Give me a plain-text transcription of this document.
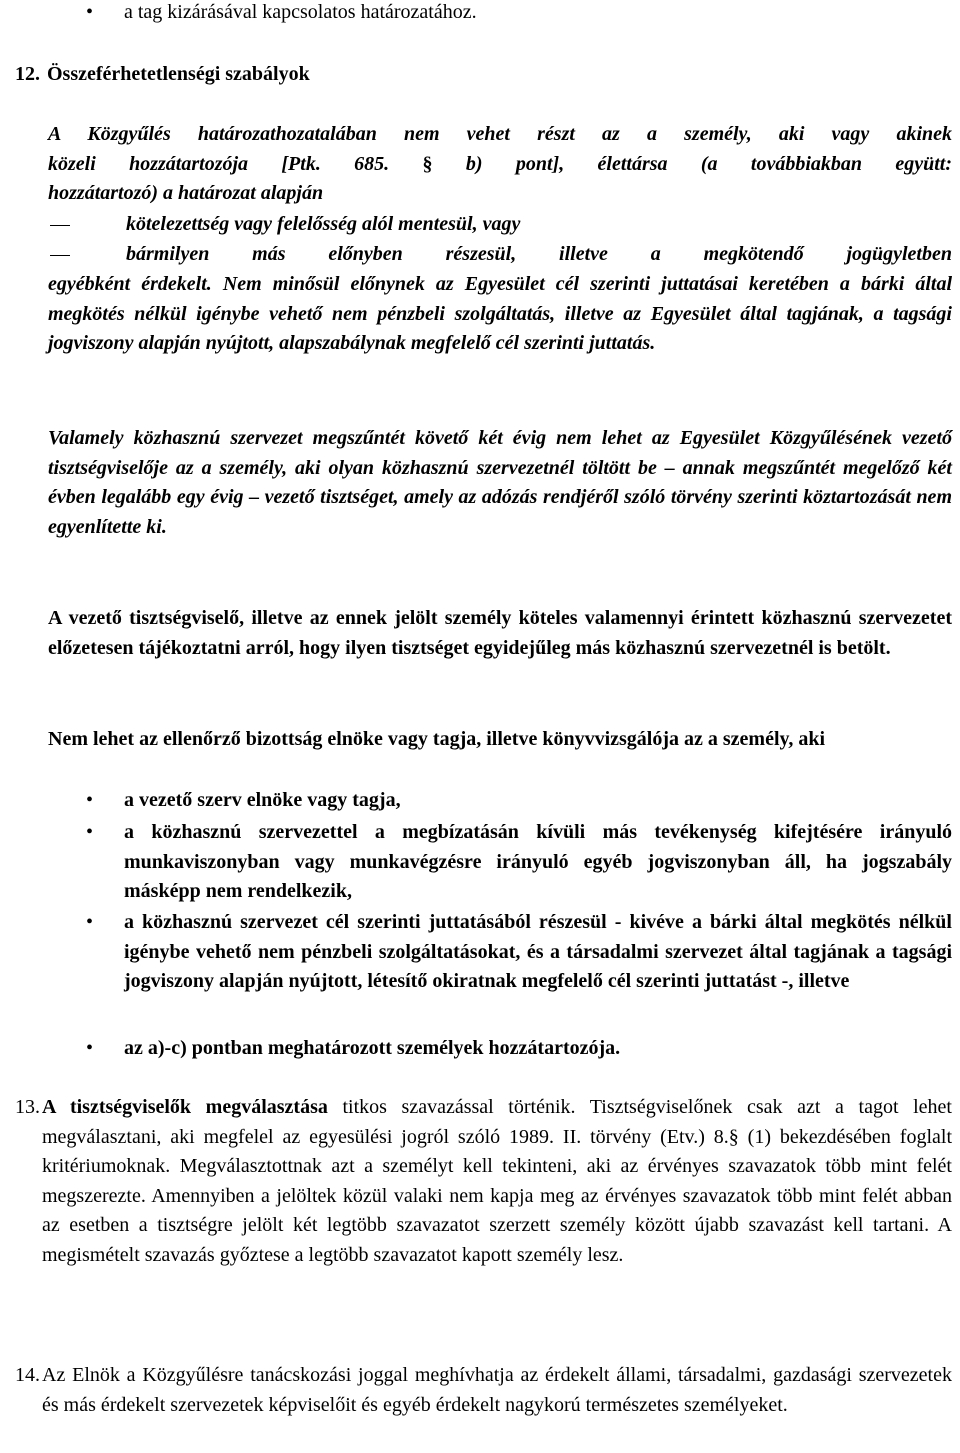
•
a tag kizárásával kapcsolatos határozatához.
12. Összeférhetetlenségi szabályok

A Közgyűlés határozathozatalában nem vehet részt az a személy, aki vagy akinek

közeli hozzátartozója [Ptk. 685. § b) pont], élettársa (a továbbiakban együtt:

hozzátartozó) a határozat alapján

kötelezettség vagy felelősség alól mentesül, vagy
bármilyen más előnyben részesül, illetve a megkötendő jogügyletben

egyébként érdekelt. Nem minősül előnynek az Egyesület cél szerinti juttatásai keretében a bárki által megkötés nélkül igénybe vehető nem pénzbeli szolgáltatás, illetve az Egyesület által tagjának, a tagsági jogviszony alapján nyújtott, alapszabálynak megfelelő cél szerinti juttatás.

Valamely közhasznú szervezet megszűntét követő két évig nem lehet az Egyesület Közgyűlésének vezető tisztségviselője az a személy, aki olyan közhasznú szervezetnél töltött be – annak megszűntét megelőző két évben legalább egy évig – vezető tisztséget, amely az adózás rendjéről szóló törvény szerinti köztartozását nem egyenlítette ki.

A vezető tisztségviselő, illetve az ennek jelölt személy köteles valamennyi érintett közhasznú szervezetet előzetesen tájékoztatni arról, hogy ilyen tisztséget egyidejűleg más közhasznú szervezetnél is betölt.

Nem lehet az ellenőrző bizottság elnöke vagy tagja, illetve könyvvizsgálója az a személy, aki

•
a vezető szerv elnöke vagy tagja,
•
a közhasznú szervezettel a megbízatásán kívüli más tevékenység kifejtésére irányuló munkaviszonyban vagy munkavégzésre irányuló egyéb jogviszonyban áll, ha jogszabály másképp nem rendelkezik,
•
a közhasznú szervezet cél szerinti juttatásából részesül - kivéve a bárki által megkötés nélkül igénybe vehető nem pénzbeli szolgáltatásokat, és a társadalmi szervezet által tagjának a tagsági jogviszony alapján nyújtott, létesítő okiratnak megfelelő cél szerinti juttatást -, illetve
•
az a)-c) pontban meghatározott személyek hozzátartozója.
13. A tisztségviselők megválasztása titkos szavazással történik. Tisztségviselőnek csak azt a tagot lehet megválasztani, aki megfelel az egyesülési jogról szóló 1989. II. törvény (Etv.) 8.§ (1) bekezdésében foglalt kritériumoknak. Megválasztottnak azt a személyt kell tekinteni, aki az érvényes szavazatok több mint felét megszerezte. Amennyiben a jelöltek közül valaki nem kapja meg az érvényes szavazatok több mint felét abban az esetben a tisztségre jelölt két legtöbb szavazatot szerzett személy között újabb szavazást kell tartani. A megismételt szavazás győztese a legtöbb szavazatot kapott személy lesz.

14. Az Elnök a Közgyűlésre tanácskozási joggal meghívhatja az érdekelt állami, társadalmi, gazdasági szervezetek és más érdekelt szervezetek képviselőit és egyéb érdekelt nagykorú természetes személyeket.
